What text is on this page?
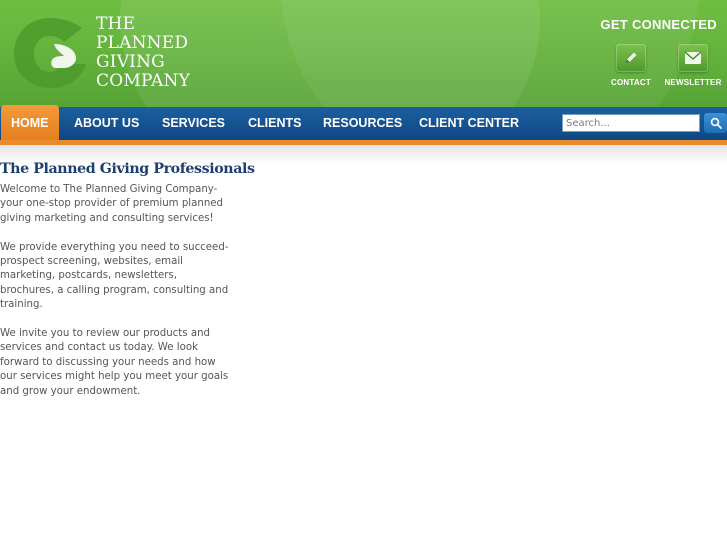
THE
PLANNED
GIVING
COMPANY
GET CONNECTED
CONTACT	NEWSLETTER
HOME	ABOUT US SERVICES CLIENTS RESOURCES CLIENT CENTER
Search...
The Planned Giving Professionals

Welcome to The Planned Giving Company-your one-stop provider of premium planned giving marketing and consulting services!

We provide everything you need to succeed-prospect screening, websites, email marketing, postcards, newsletters, brochures, a calling program, consulting and training.

We invite you to review our products and services and contact us today. We look forward to discussing your needs and how our services might help you meet your goals and grow your endowment.
